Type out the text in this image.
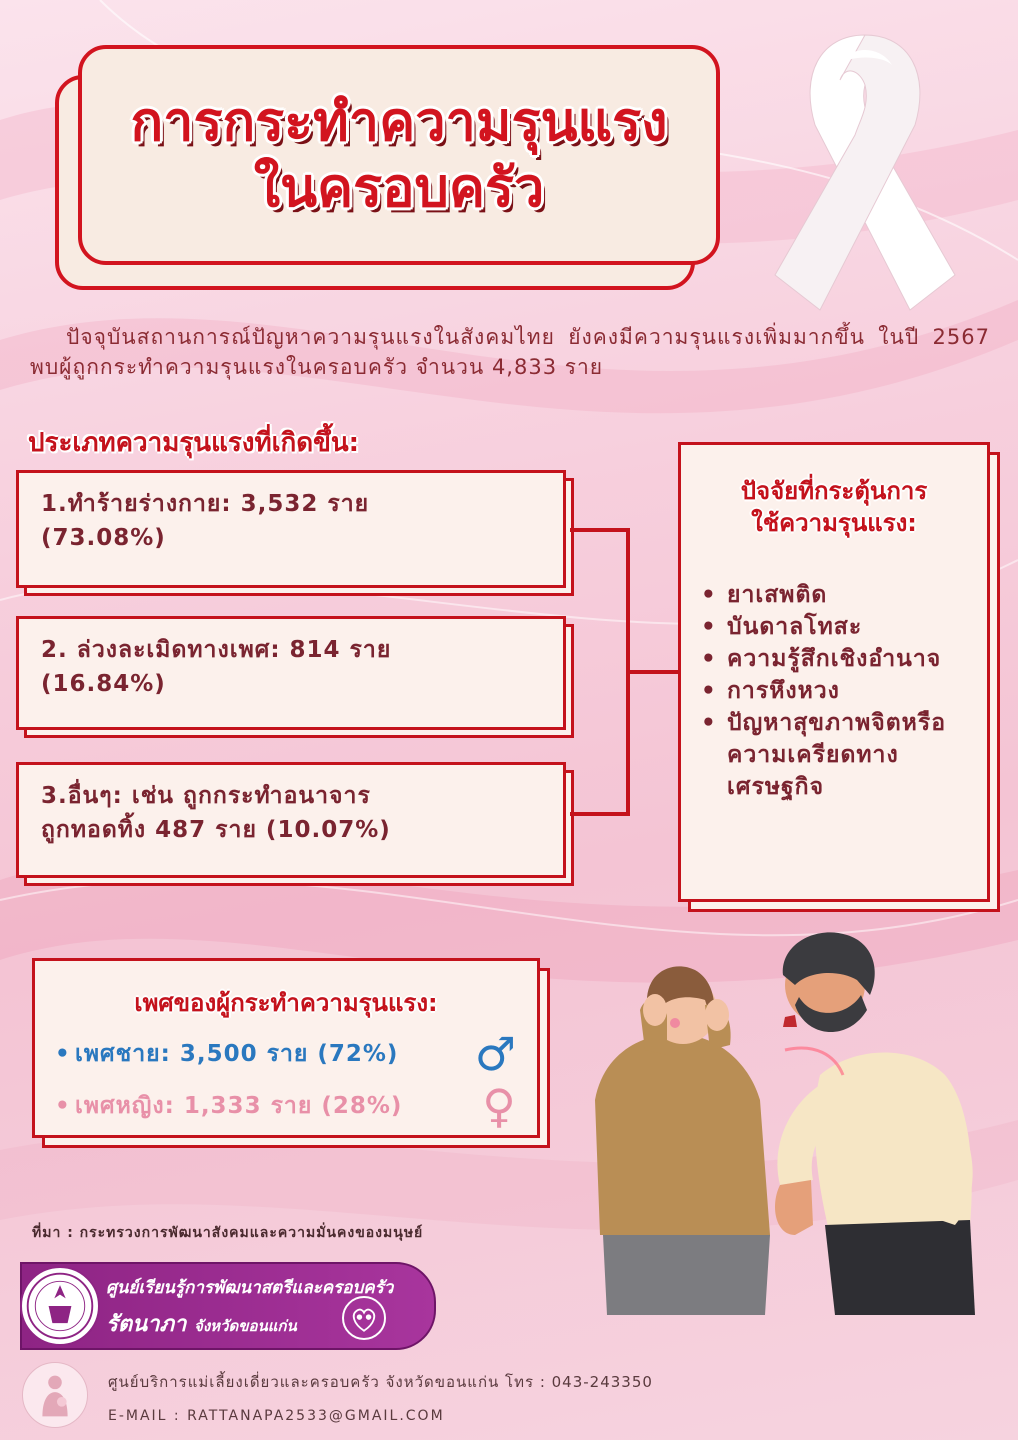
การกระทำความรุนแรง
ในครอบครัว
ปัจจุบันสถานการณ์ปัญหาความรุนแรงในสังคมไทย ยังคงมีความรุนแรงเพิ่มมากขึ้น ในปี 2567 พบผู้ถูกกระทำความรุนแรงในครอบครัว จำนวน 4,833 ราย
ประเภทความรุนแรงที่เกิดขึ้น:
1.ทำร้ายร่างกาย: 3,532 ราย
(73.08%)
2. ล่วงละเมิดทางเพศ: 814 ราย
(16.84%)
3.อื่นๆ: เช่น ถูกกระทำอนาจาร
ถูกทอดทิ้ง 487 ราย (10.07%)
ปัจจัยที่กระตุ้นการ
ใช้ความรุนแรง:
• ยาเสพติด
• บันดาลโทสะ
• ความรู้สึกเชิงอำนาจ
• การหึงหวง
• ปัญหาสุขภาพจิตหรือความเครียดทางเศรษฐกิจ
เพศของผู้กระทำความรุนแรง:
• เพศชาย: 3,500 ราย (72%) ♂
• เพศหญิง: 1,333 ราย (28%) ♀
ที่มา : กระทรวงการพัฒนาสังคมและความมั่นคงของมนุษย์
ศูนย์เรียนรู้การพัฒนาสตรีและครอบครัว
รัตนาภา จังหวัดขอนแก่น
ศูนย์บริการแม่เลี้ยงเดี่ยวและครอบครัว จังหวัดขอนแก่น โทร : 043-243350
E-MAIL : RATTANAPA2533@GMAIL.COM
